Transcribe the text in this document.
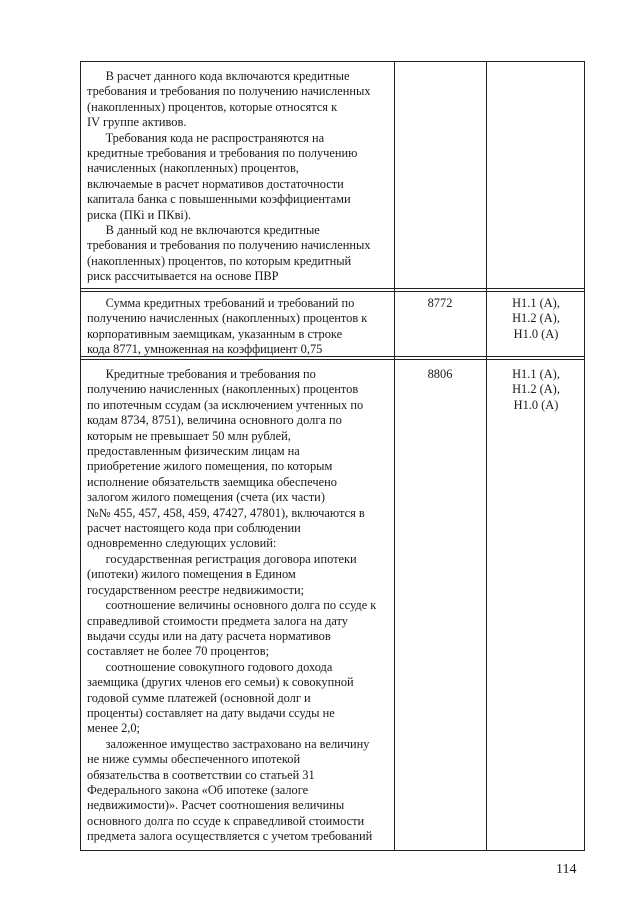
В расчет данного кода включаются кредитные
требования и требования по получению начисленных
(накопленных) процентов, которые относятся к
IV группе активов.
Требования кода не распространяются на
кредитные требования и требования по получению
начисленных (накопленных) процентов,
включаемые в расчет нормативов достаточности
капитала банка с повышенными коэффициентами
риска (ПКi и ПКвi).
В данный код не включаются кредитные
требования и требования по получению начисленных
(накопленных) процентов, по которым кредитный
риск рассчитывается на основе ПВР
Сумма кредитных требований и требований по
получению начисленных (накопленных) процентов к
корпоративным заемщикам, указанным в строке
кода 8771, умноженная на коэффициент 0,75
8772	Н1.1 (А),
Н1.2 (А),
Н1.0 (А)
Кредитные требования и требования по
получению начисленных (накопленных) процентов
по ипотечным ссудам (за исключением учтенных по
кодам 8734, 8751), величина основного долга по
которым не превышает 50 млн рублей,
предоставленным физическим лицам на
приобретение жилого помещения, по которым
исполнение обязательств заемщика обеспечено
залогом жилого помещения (счета (их части)
№№ 455, 457, 458, 459, 47427, 47801), включаются в
расчет настоящего кода при соблюдении
одновременно следующих условий:
государственная регистрация договора ипотеки
(ипотеки) жилого помещения в Едином
государственном реестре недвижимости;
соотношение величины основного долга по ссуде к
справедливой стоимости предмета залога на дату
выдачи ссуды или на дату расчета нормативов
составляет не более 70 процентов;
соотношение совокупного годового дохода
заемщика (других членов его семьи) к совокупной
годовой сумме платежей (основной долг и
проценты) составляет на дату выдачи ссуды не
менее 2,0;
заложенное имущество застраховано на величину
не ниже суммы обеспеченного ипотекой
обязательства в соответствии со статьей 31
Федерального закона «Об ипотеке (залоге
недвижимости)». Расчет соотношения величины
основного долга по ссуде к справедливой стоимости
предмета залога осуществляется с учетом требований
8806	Н1.1 (А),
Н1.2 (А),
Н1.0 (А)
114
